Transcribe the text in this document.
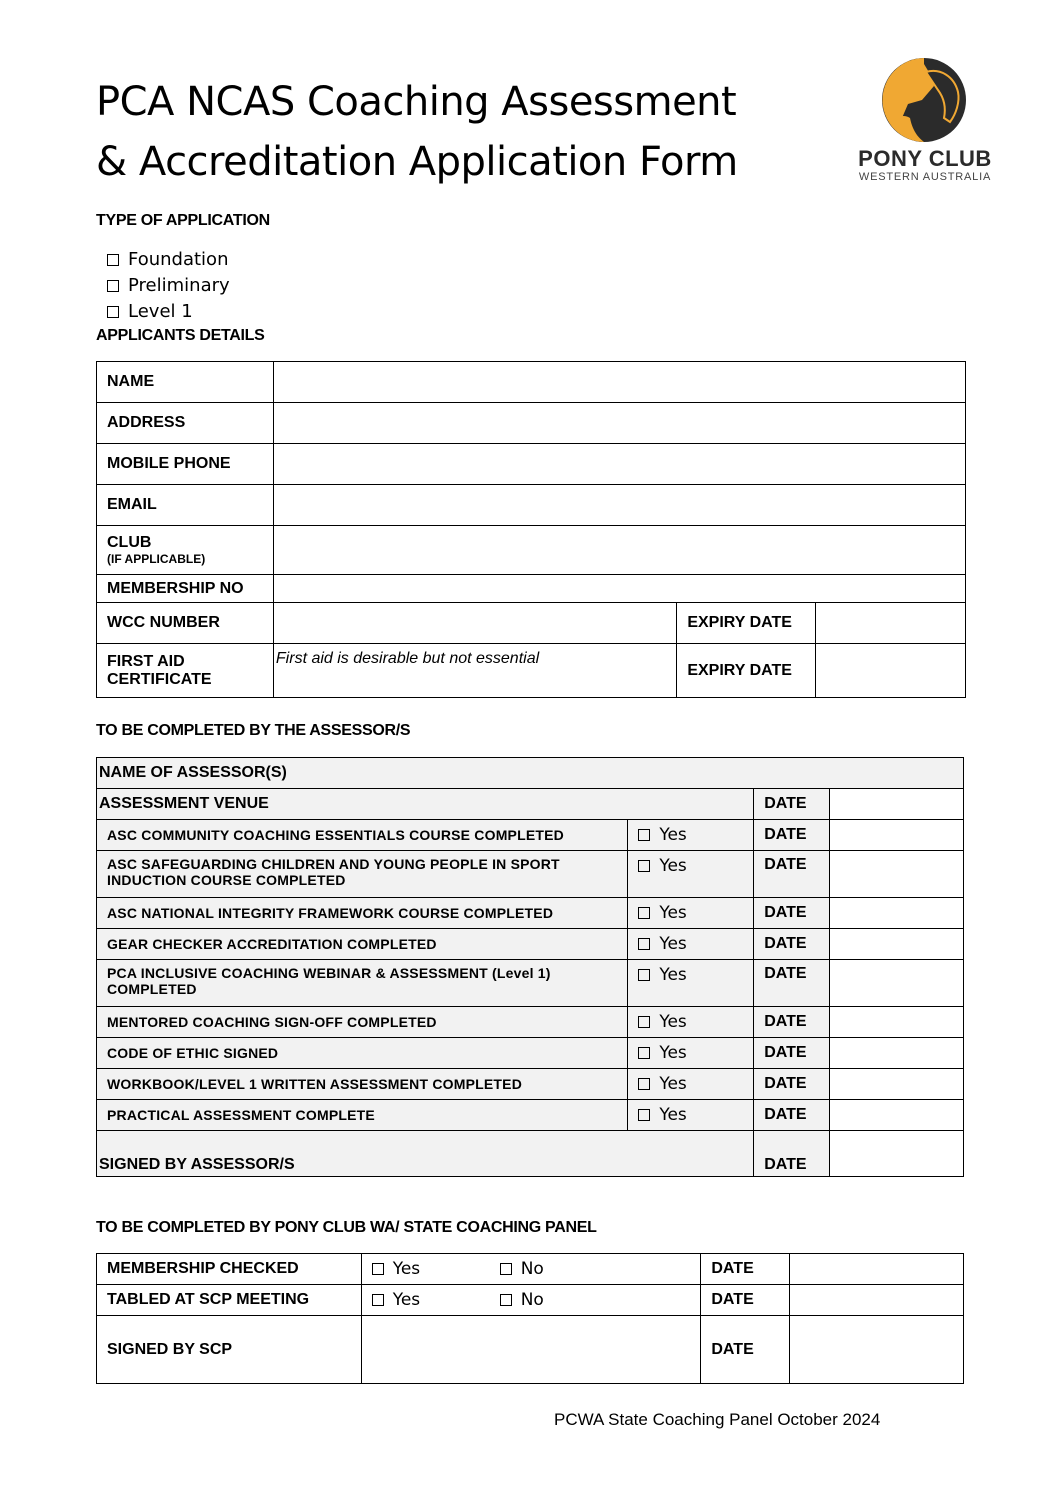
PCA NCAS Coaching Assessment
& Accreditation Application Form	PONY CLUB
WESTERN AUSTRALIA
TYPE OF APPLICATION
Foundation
Preliminary
Level 1
APPLICANTS DETAILS
NAME			
ADDRESS			
MOBILE PHONE			
EMAIL			

CLUB
(IF APPLICABLE)			

MEMBERSHIP NO			
WCC NUMBER		EXPIRY DATE	

FIRST AID
CERTIFICATE	First aid is desirable but not essential	EXPIRY DATE	
TO BE COMPLETED BY THE ASSESSOR/S
NAME OF ASSESSOR(S)			
ASSESSMENT VENUE		DATE	

ASC COMMUNITY COACHING ESSENTIALS COURSE COMPLETED	Yes	DATE	

ASC SAFEGUARDING CHILDREN AND YOUNG PEOPLE IN SPORT
INDUCTION COURSE COMPLETED	Yes	DATE	

ASC NATIONAL INTEGRITY FRAMEWORK COURSE COMPLETED	Yes	DATE	

GEAR CHECKER ACCREDITATION COMPLETED	Yes	DATE	

PCA INCLUSIVE COACHING WEBINAR & ASSESSMENT (Level 1)
COMPLETED	Yes	DATE	

MENTORED COACHING SIGN-OFF COMPLETED	Yes	DATE	

CODE OF ETHIC SIGNED	Yes	DATE	

WORKBOOK/LEVEL 1 WRITTEN ASSESSMENT COMPLETED	Yes	DATE	

PRACTICAL ASSESSMENT COMPLETE	Yes	DATE	
SIGNED BY ASSESSOR/S		DATE	
TO BE COMPLETED BY PONY CLUB WA/ STATE COACHING PANEL
MEMBERSHIP CHECKED	Yes No	DATE	
TABLED AT SCP MEETING	Yes No	DATE	
SIGNED BY SCP		DATE	
PCWA State Coaching Panel October 2024
